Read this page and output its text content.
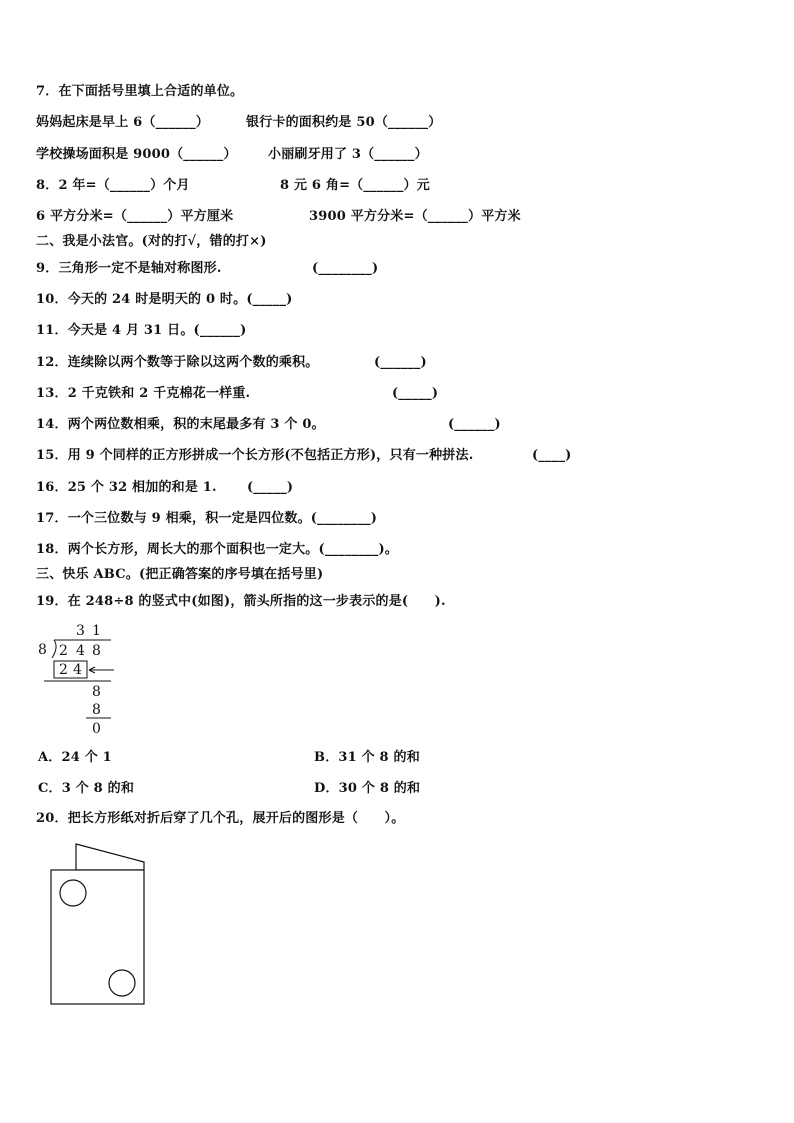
7．在下面括号里填上合适的单位。
妈妈起床是早上 6（______）	银行卡的面积约是 50（______）
学校操场面积是 9000（______） 小丽刷牙用了 3（______）
8．2 年=（______）个月	8 元 6 角=（______）元
6 平方分米=（______）平方厘米	3900 平方分米=（______）平方米
二、我是小法官。(对的打√，错的打×)
9．三角形一定不是轴对称图形.	(________)
10．今天的 24 时是明天的 0 时。(_____)
11．今天是 4 月 31 日。(______)
12．连续除以两个数等于除以这两个数的乘积。	(______)
13．2 千克铁和 2 千克棉花一样重.	(_____)
14．两个两位数相乘，积的末尾最多有 3 个 0。	(______)
15．用 9 个同样的正方形拼成一个长方形(不包括正方形)，只有一种拼法.	(____)
16．25 个 32 相加的和是 1. (_____)
17．一个三位数与 9 相乘，积一定是四位数。(________)
18．两个长方形，周长大的那个面积也一定大。(________)。
三、快乐 ABC。(把正确答案的序号填在括号里)
19．在 248÷8 的竖式中(如图)，箭头所指的这一步表示的是(　　).
3 1
8 2 4 8
2 4
8
8
0
A．24 个 1	B．31 个 8 的和
C．3 个 8 的和	D．30 个 8 的和
20．把长方形纸对折后穿了几个孔，展开后的图形是（　　）。
